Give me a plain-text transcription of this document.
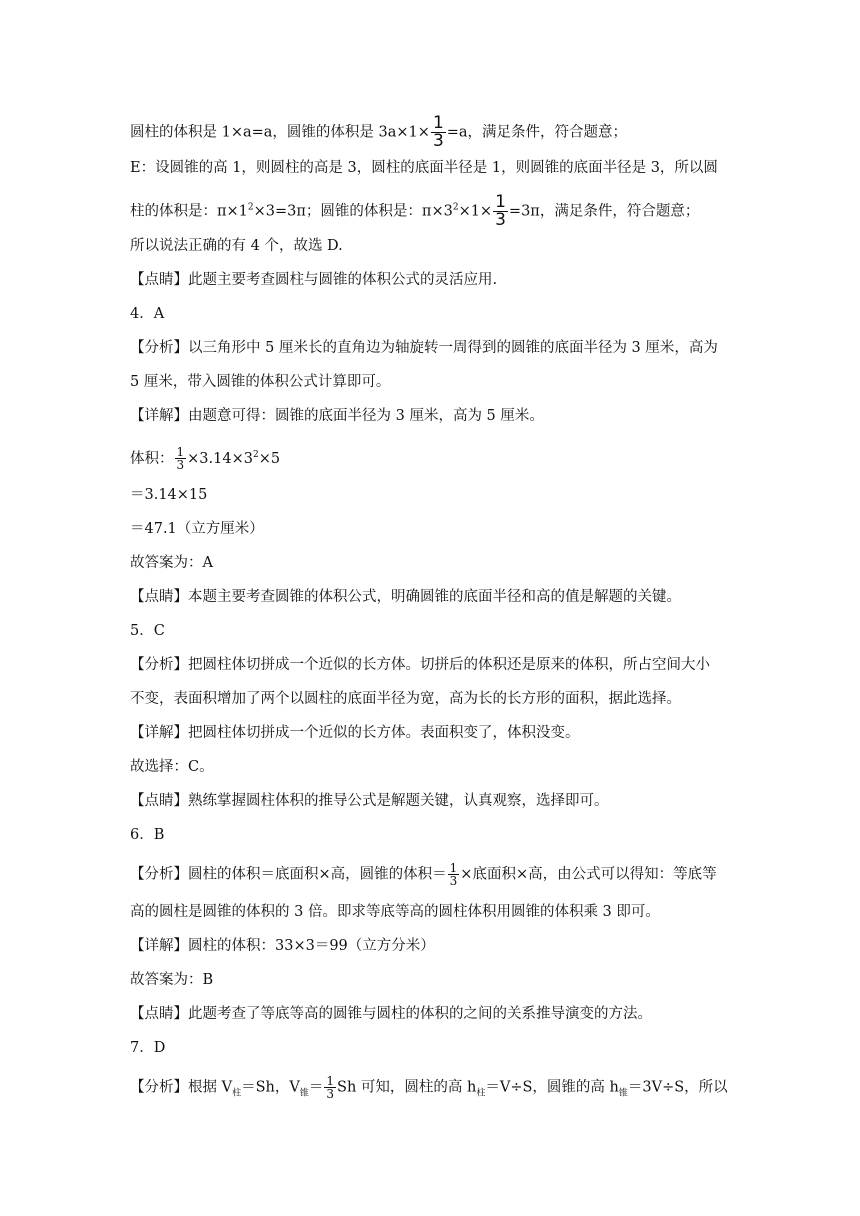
圆柱的体积是 1×a=a，圆锥的体积是 $3a\times 1\times \frac{1}{3} =a$，满足条件，符合题意；
E：设圆锥的高 1，则圆柱的高是 3，圆柱的底面半径是 1，则圆锥的底面半径是 3，所以圆
柱的体积是：$\pi\times 1^2\times 3=3\pi$；圆锥的体积是：$\pi\times 3^2\times 1\times \frac{1}{3} =3\pi$，满足条件，符合题意；
所以说法正确的有 4 个，故选 D.
【点睛】此题主要考查圆柱与圆锥的体积公式的灵活应用.
4．A
【分析】以三角形中 5 厘米长的直角边为轴旋转一周得到的圆锥的底面半径为 3 厘米，高为
5 厘米，带入圆锥的体积公式计算即可。
【详解】由题意可得：圆锥的底面半径为 3 厘米，高为 5 厘米。
体积： $\frac{1}{3} \times 3.14\times 3^2\times 5$
＝3.14×15
＝47.1（立方厘米）
故答案为：A
【点睛】本题主要考查圆锥的体积公式，明确圆锥的底面半径和高的值是解题的关键。
5．C
【分析】把圆柱体切拼成一个近似的长方体。切拼后的体积还是原来的体积，所占空间大小
不变，表面积增加了两个以圆柱的底面半径为宽，高为长的长方形的面积，据此选择。
【详解】把圆柱体切拼成一个近似的长方体。表面积变了，体积没变。
故选择：C。
【点睛】熟练掌握圆柱体积的推导公式是解题关键，认真观察，选择即可。
6．B
【分析】圆柱的体积＝底面积×高，圆锥的体积＝ $\frac{1}{3}$ ×底面积×高，由公式可以得知：等底等
高的圆柱是圆锥的体积的 3 倍。即求等底等高的圆柱体积用圆锥的体积乘 3 即可。
【详解】圆柱的体积：33×3＝99（立方分米）
故答案为：B
【点睛】此题考查了等底等高的圆锥与圆柱的体积的之间的关系推导演变的方法。
7．D
【分析】根据 $V_柱=Sh$，$V_锥= \frac{1}{3}$ Sh 可知，圆柱的高 $h_柱=V\div S$，圆锥的高 $h_锥=3V\div S$，所以
